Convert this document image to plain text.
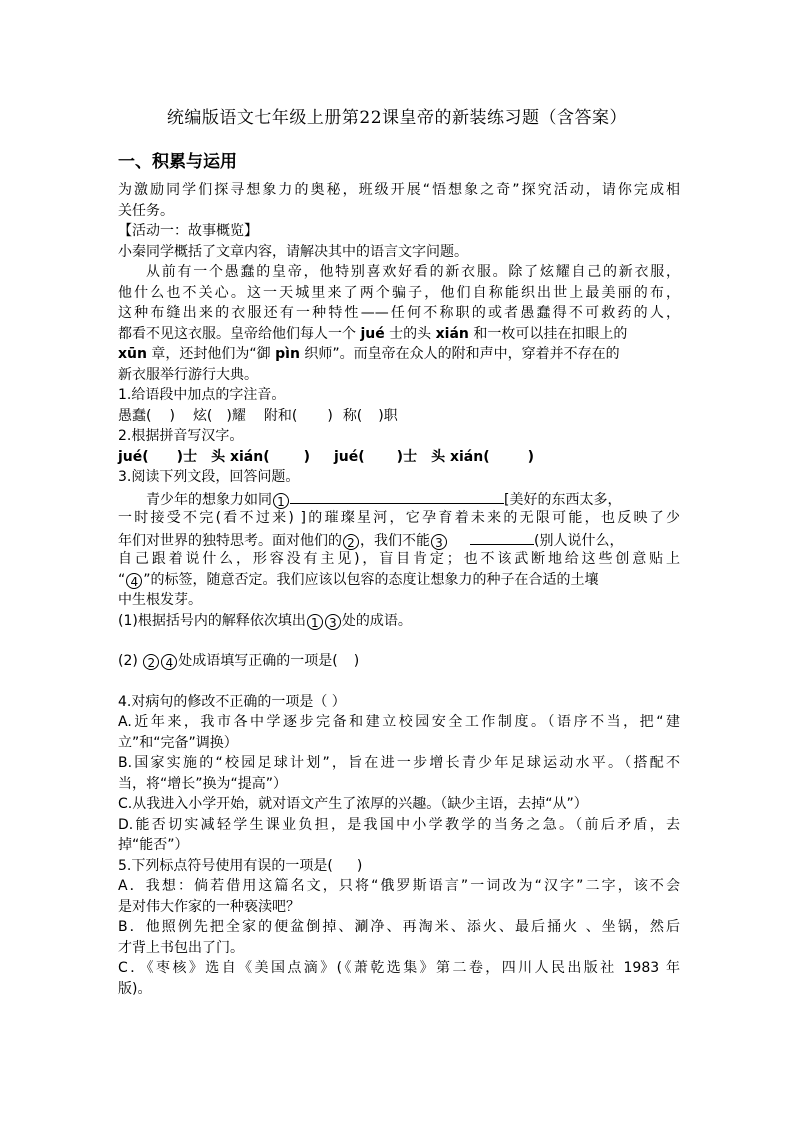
统编版语文七年级上册第22课皇帝的新装练习题（含答案）
一、积累与运用
为激励同学们探寻想象力的奥秘，班级开展“悟想象之奇”探究活动，请你完成相
关任务。
【活动一：故事概览】
小秦同学概括了文章内容，请解决其中的语言文字问题。
从前有一个愚蠢的皇帝，他特别喜欢好看的新衣服。除了炫耀自己的新衣服，
他什么也不关心。这一天城里来了两个骗子，他们自称能织出世上最美丽的布，
这种布缝出来的衣服还有一种特性——任何不称职的或者愚蠢得不可救药的人，
都看不见这衣服。皇帝给他们每人一个 jué 士的头 xián 和一枚可以挂在扣眼上的
xūn 章，还封他们为“御 pìn 织师”。而皇帝在众人的附和声中，穿着并不存在的
新衣服举行游行大典。
1.给语段中加点的字注音。
愚蠢( ) 炫( )耀 附和( ) 称( )职
2.根据拼音写汉字。
jué( )士 头 xián( ) jué( )士 头 xián(	)
3.阅读下列文段，回答问题。
青少年的想象力如同 1	[美好的东西太多，
一时接受不完(看不过来) ]的璀璨星河，它孕育着未来的无限可能，也反映了少
年们对世界的独特思考。面对他们的 2 ，我们不能 3	(别人说什么，
自己跟着说什么，形容没有主见)，盲目肯定；也不该武断地给这些创意贴上
“ 4 ”的标签，随意否定。我们应该以包容的态度让想象力的种子在合适的土壤
中生根发芽。
(1)根据括号内的解释依次填出 1 3 处的成语。
(2) 2 4 处成语填写正确的一项是( )
4.对病句的修改不正确的一项是（ ）
A.近年来，我市各中学逐步完备和建立校园安全工作制度。（语序不当，把“建
立”和“完备”调换）
B.国家实施的“校园足球计划”，旨在进一步增长青少年足球运动水平。（搭配不
当，将“增长”换为“提高”）
C.从我进入小学开始，就对语文产生了浓厚的兴趣。（缺少主语，去掉“从”）
D.能否切实减轻学生课业负担，是我国中小学教学的当务之急。（前后矛盾，去
掉“能否”）
5.下列标点符号使用有误的一项是( )
A．我想：倘若借用这篇名文，只将“俄罗斯语言”一词改为“汉字”二字，该不会
是对伟大作家的一种亵渎吧？
B．他照例先把全家的便盆倒掉、涮净、再淘米、添火、最后捅火 、坐锅，然后
才背上书包出了门。
C．《枣核》选自《美国点滴》(《萧乾选集》第二卷，四川人民出版社 1983 年
版)。
